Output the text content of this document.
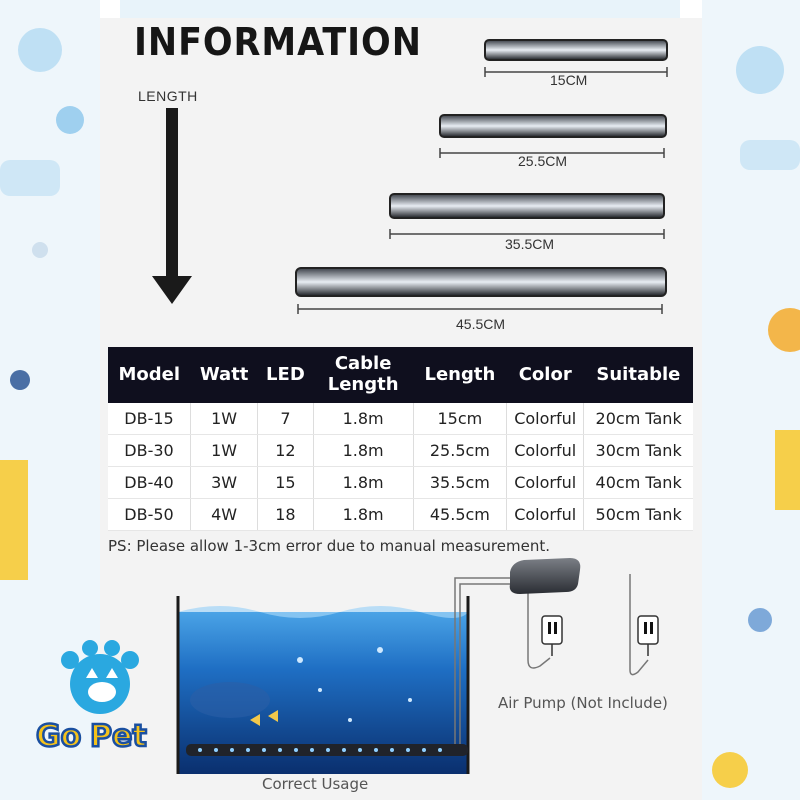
INFORMATION
LENGTH
15CM
25.5CM
35.5CM
45.5CM
Model	Watt	LED	Cable Length	Length	Color	Suitable
DB-15	1W	7	1.8m	15cm	Colorful	20cm Tank
DB-30	1W	12	1.8m	25.5cm	Colorful	30cm Tank
DB-40	3W	15	1.8m	35.5cm	Colorful	40cm Tank
DB-50	4W	18	1.8m	45.5cm	Colorful	50cm Tank
PS: Please allow 1-3cm error due to manual measurement.
Air Pump (Not Include)
Correct Usage
Go Pet
